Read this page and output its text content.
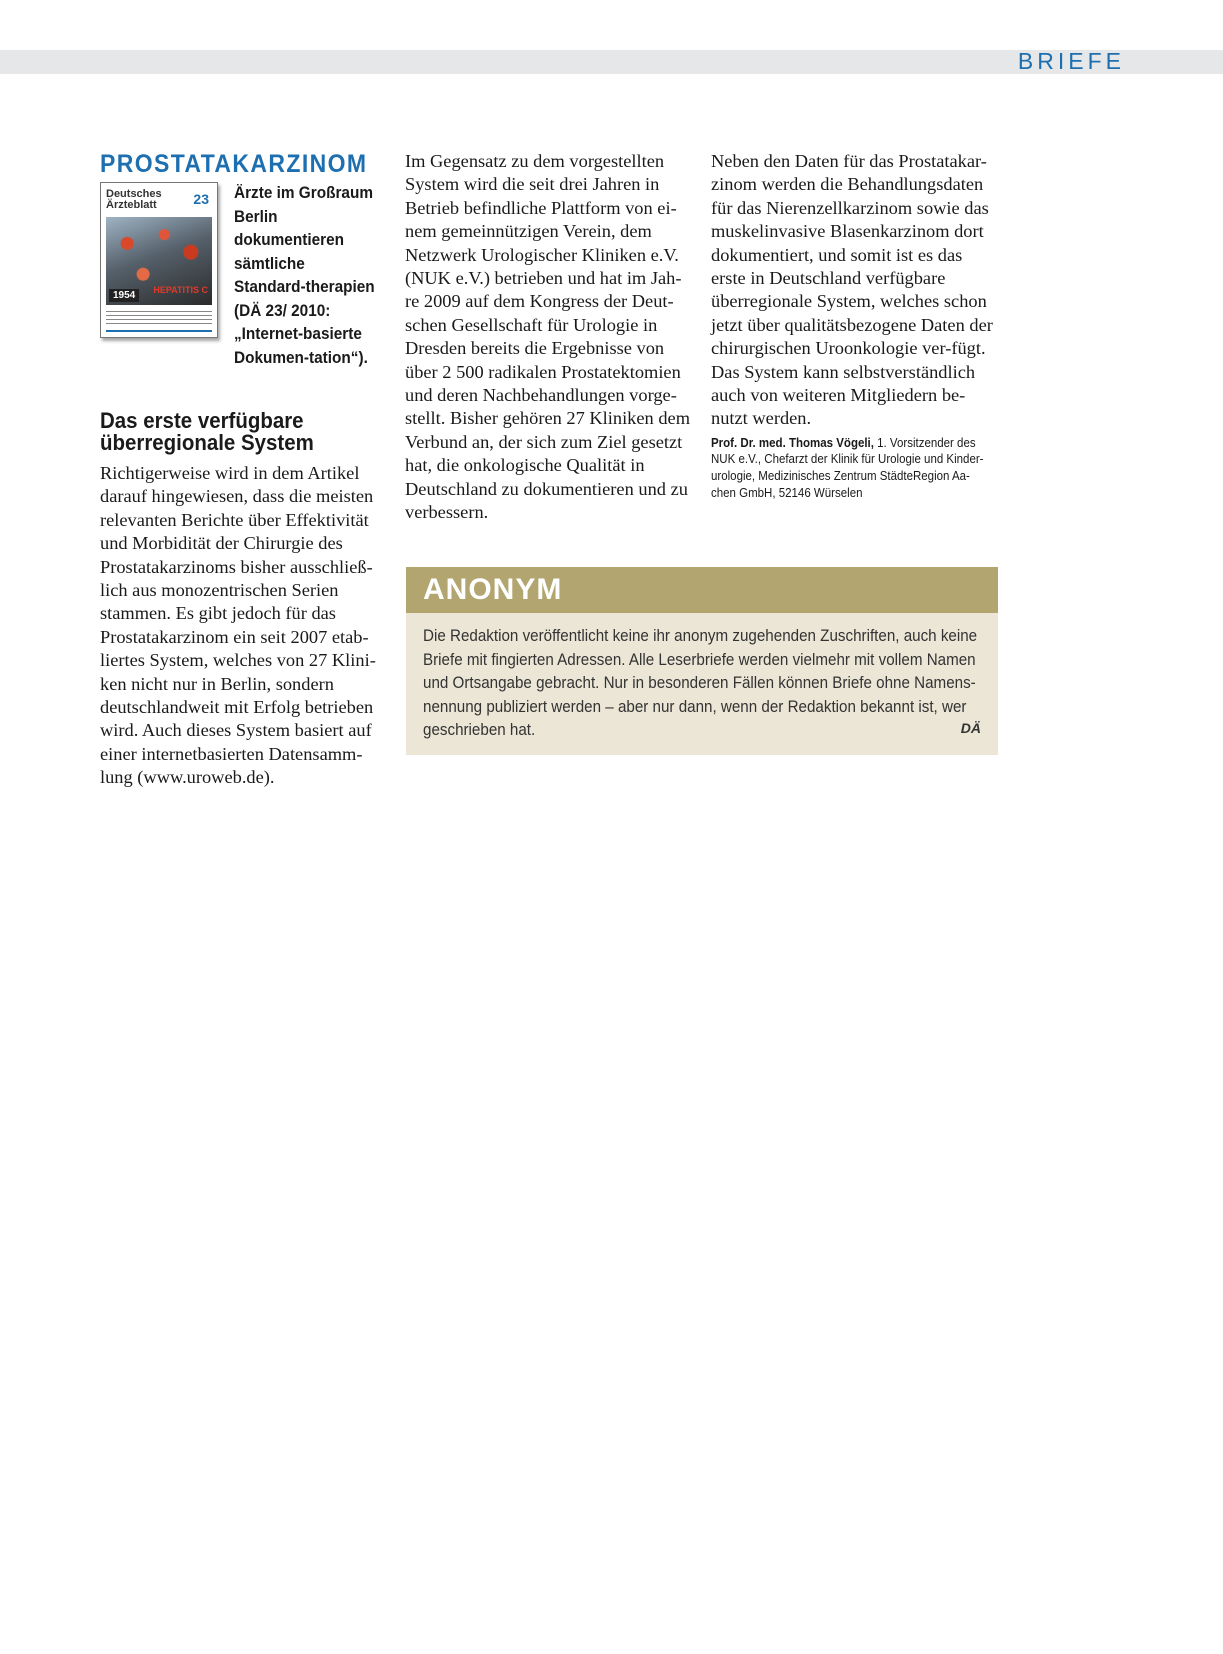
BRIEFE
PROSTATAKARZINOM
Deutsches
Ärzteblatt	23
1954	HEPATITIS C

Ärzte im Großraum Berlin dokumentieren sämtliche Standard-therapien (DÄ 23/ 2010: „Internet-basierte Dokumen-tation“).

Das erste verfügbare überregionale System

Richtigerweise wird in dem Artikel darauf hingewiesen, dass die meisten relevanten Berichte über Effektivität und Morbidität der Chirurgie des Prostatakarzinoms bisher ausschließ-lich aus monozentrischen Serien stammen. Es gibt jedoch für das Prostatakarzinom ein seit 2007 etab-liertes System, welches von 27 Klini-ken nicht nur in Berlin, sondern deutschlandweit mit Erfolg betrieben wird. Auch dieses System basiert auf einer internetbasierten Datensamm-lung (www.uroweb.de).

Im Gegensatz zu dem vorgestellten System wird die seit drei Jahren in Betrieb befindliche Plattform von ei-nem gemeinnützigen Verein, dem Netzwerk Urologischer Kliniken e.V. (NUK e.V.) betrieben und hat im Jah-re 2009 auf dem Kongress der Deut-schen Gesellschaft für Urologie in Dresden bereits die Ergebnisse von über 2 500 radikalen Prostatektomien und deren Nachbehandlungen vorge-stellt. Bisher gehören 27 Kliniken dem Verbund an, der sich zum Ziel gesetzt hat, die onkologische Qualität in Deutschland zu dokumentieren und zu verbessern.

Neben den Daten für das Prostatakar-zinom werden die Behandlungsdaten für das Nierenzellkarzinom sowie das muskelinvasive Blasenkarzinom dort dokumentiert, und somit ist es das erste in Deutschland verfügbare überregionale System, welches schon jetzt über qualitätsbezogene Daten der chirurgischen Uroonkologie ver-fügt.

Das System kann selbstverständlich auch von weiteren Mitgliedern be-nutzt werden.

Prof. Dr. med. Thomas Vögeli, 1. Vorsitzender des NUK e.V., Chefarzt der Klinik für Urologie und Kinder-urologie, Medizinisches Zentrum StädteRegion Aa-chen GmbH, 52146 Würselen

ANONYM

Die Redaktion veröffentlicht keine ihr anonym zugehenden Zuschriften, auch keine Briefe mit fingierten Adressen. Alle Leserbriefe werden vielmehr mit vollem Namen und Ortsangabe gebracht. Nur in besonderen Fällen können Briefe ohne Namens-nennung publiziert werden – aber nur dann, wenn der Redaktion bekannt ist, wer geschrieben hat.	DÄ
